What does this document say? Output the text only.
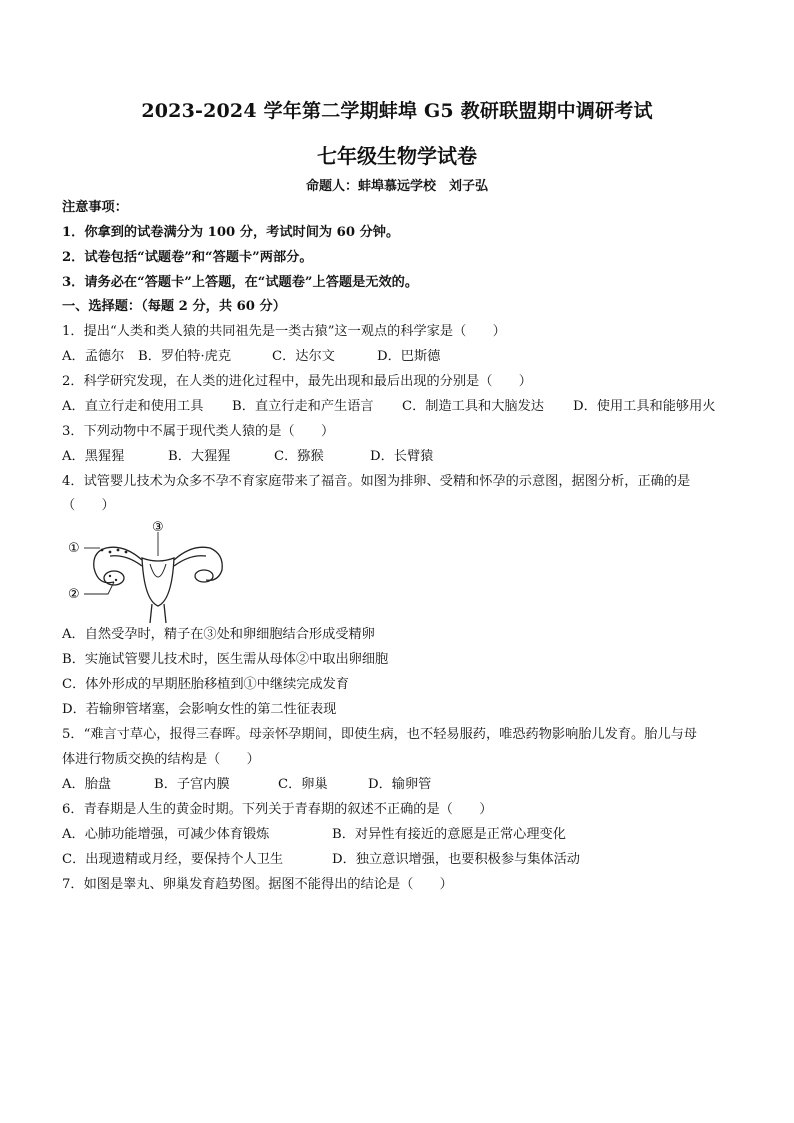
2023-2024 学年第二学期蚌埠 G5 教研联盟期中调研考试
七年级生物学试卷
命题人：蚌埠慕远学校　刘子弘
注意事项：
1．你拿到的试卷满分为 100 分，考试时间为 60 分钟。
2．试卷包括“试题卷”和“答题卡”两部分。
3．请务必在“答题卡”上答题，在“试题卷”上答题是无效的。
一、选择题：（每题 2 分，共 60 分）
1．提出“人类和类人猿的共同祖先是一类古猿”这一观点的科学家是（　　）
A．孟德尔 B．罗伯特·虎克	C．达尔文	D．巴斯德
2．科学研究发现，在人类的进化过程中，最先出现和最后出现的分别是（　　）
A．直立行走和使用工具 B．直立行走和产生语言 C．制造工具和大脑发达 D．使用工具和能够用火
3．下列动物中不属于现代类人猿的是（　　）
A．黑猩猩	B．大猩猩	C．猕猴	D．长臂猿
4．试管婴儿技术为众多不孕不育家庭带来了福音。如图为排卵、受精和怀孕的示意图，据图分析，正确的是
（　　）
①
②
③
A．自然受孕时，精子在③处和卵细胞结合形成受精卵
B．实施试管婴儿技术时，医生需从母体②中取出卵细胞
C．体外形成的早期胚胎移植到①中继续完成发育
D．若输卵管堵塞，会影响女性的第二性征表现
5．“难言寸草心，报得三春晖。母亲怀孕期间，即使生病，也不轻易服药，唯恐药物影响胎儿发育。胎儿与母
体进行物质交换的结构是（　　）
A．胎盘	B．子宫内膜	C．卵巢	D．输卵管
6．青春期是人生的黄金时期。下列关于青春期的叙述不正确的是（　　）
A．心肺功能增强，可减少体育锻炼	B．对异性有接近的意愿是正常心理变化
C．出现遗精或月经，要保持个人卫生	D．独立意识增强，也要积极参与集体活动
7．如图是睾丸、卵巢发育趋势图。据图不能得出的结论是（　　）
